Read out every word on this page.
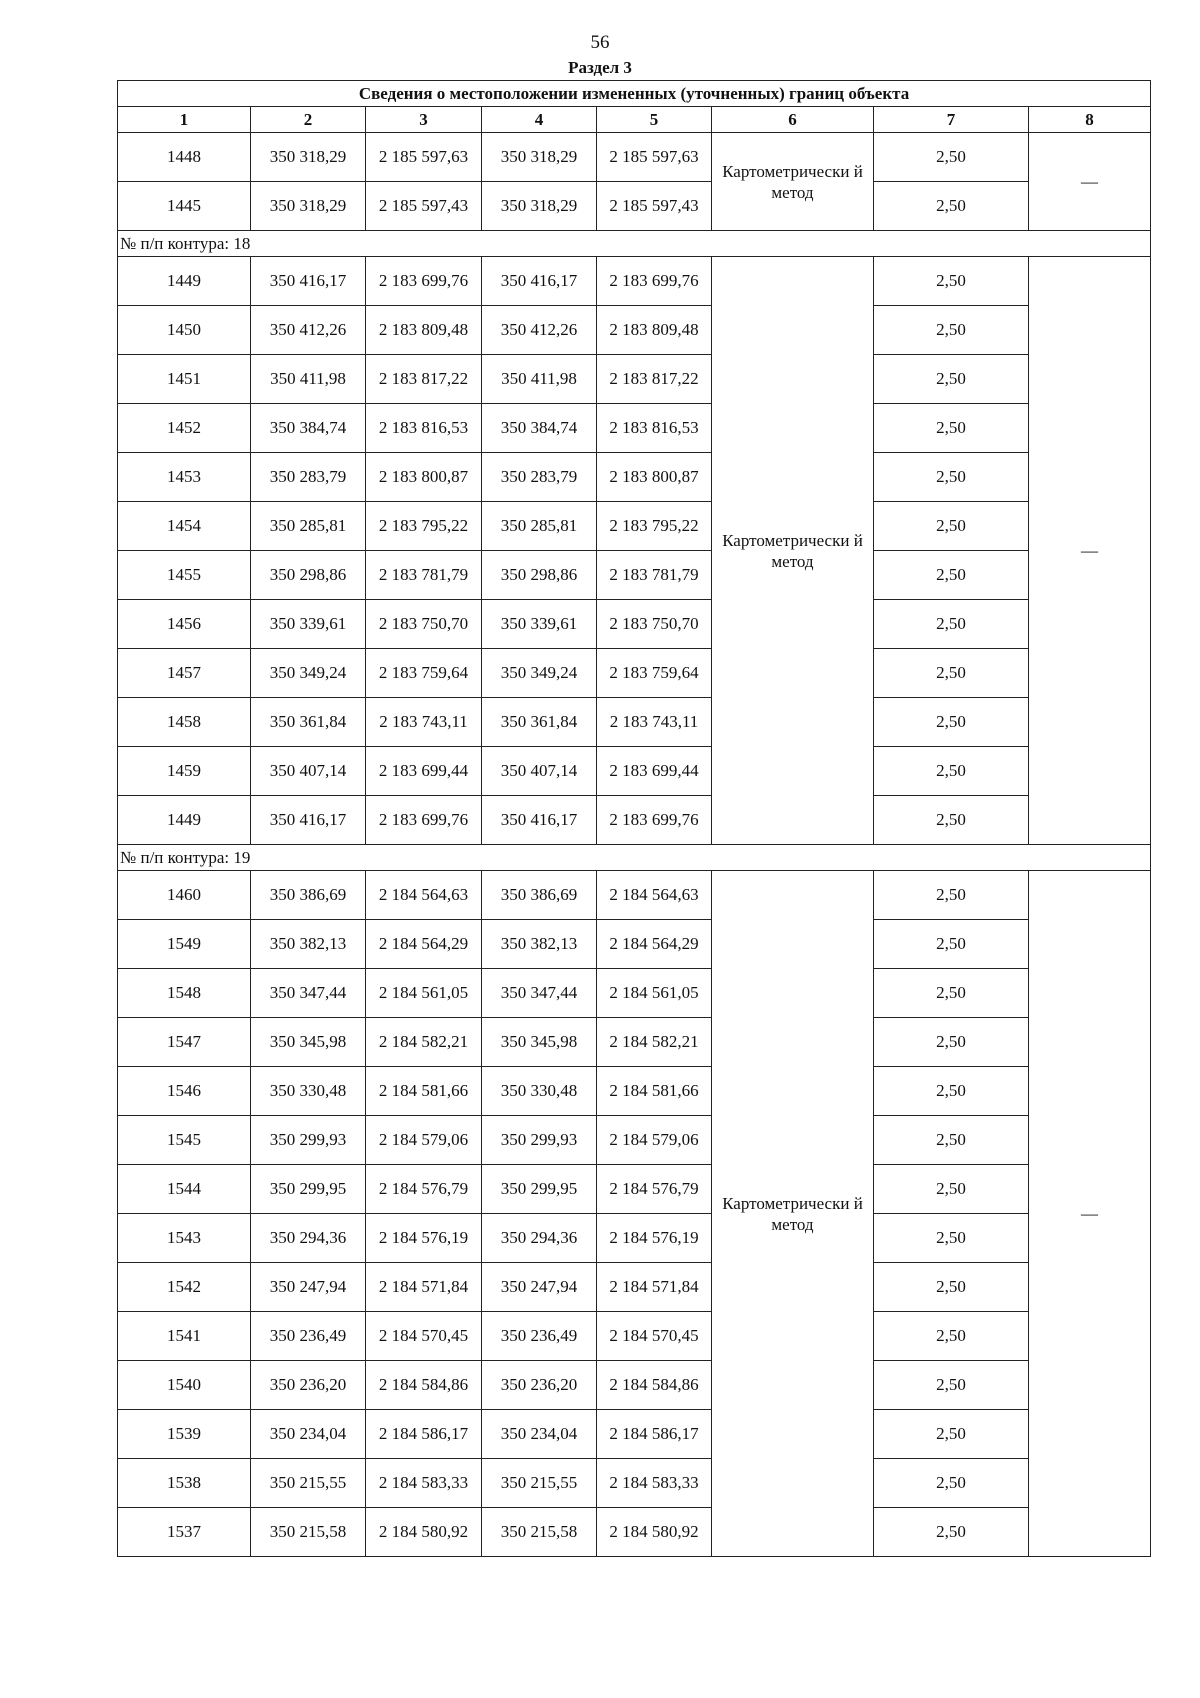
56
Раздел 3
Сведения о местоположении измененных (уточненных) границ объекта							
1	2	3	4	5	6	7	8
1448	350 318,29	2 185 597,63	350 318,29	2 185 597,63	Картометрически й метод	2,50	—
1445	350 318,29	2 185 597,43	350 318,29	2 185 597,43		2,50	
№ п/п контура: 18							
1449	350 416,17	2 183 699,76	350 416,17	2 183 699,76	Картометрически й метод	2,50	—
1450	350 412,26	2 183 809,48	350 412,26	2 183 809,48		2,50	
1451	350 411,98	2 183 817,22	350 411,98	2 183 817,22		2,50	
1452	350 384,74	2 183 816,53	350 384,74	2 183 816,53		2,50	
1453	350 283,79	2 183 800,87	350 283,79	2 183 800,87		2,50	
1454	350 285,81	2 183 795,22	350 285,81	2 183 795,22		2,50	
1455	350 298,86	2 183 781,79	350 298,86	2 183 781,79		2,50	
1456	350 339,61	2 183 750,70	350 339,61	2 183 750,70		2,50	
1457	350 349,24	2 183 759,64	350 349,24	2 183 759,64		2,50	
1458	350 361,84	2 183 743,11	350 361,84	2 183 743,11		2,50	
1459	350 407,14	2 183 699,44	350 407,14	2 183 699,44		2,50	
1449	350 416,17	2 183 699,76	350 416,17	2 183 699,76		2,50	
№ п/п контура: 19							
1460	350 386,69	2 184 564,63	350 386,69	2 184 564,63	Картометрически й метод	2,50	—
1549	350 382,13	2 184 564,29	350 382,13	2 184 564,29		2,50	
1548	350 347,44	2 184 561,05	350 347,44	2 184 561,05		2,50	
1547	350 345,98	2 184 582,21	350 345,98	2 184 582,21		2,50	
1546	350 330,48	2 184 581,66	350 330,48	2 184 581,66		2,50	
1545	350 299,93	2 184 579,06	350 299,93	2 184 579,06		2,50	
1544	350 299,95	2 184 576,79	350 299,95	2 184 576,79		2,50	
1543	350 294,36	2 184 576,19	350 294,36	2 184 576,19		2,50	
1542	350 247,94	2 184 571,84	350 247,94	2 184 571,84		2,50	
1541	350 236,49	2 184 570,45	350 236,49	2 184 570,45		2,50	
1540	350 236,20	2 184 584,86	350 236,20	2 184 584,86		2,50	
1539	350 234,04	2 184 586,17	350 234,04	2 184 586,17		2,50	
1538	350 215,55	2 184 583,33	350 215,55	2 184 583,33		2,50	
1537	350 215,58	2 184 580,92	350 215,58	2 184 580,92		2,50	
